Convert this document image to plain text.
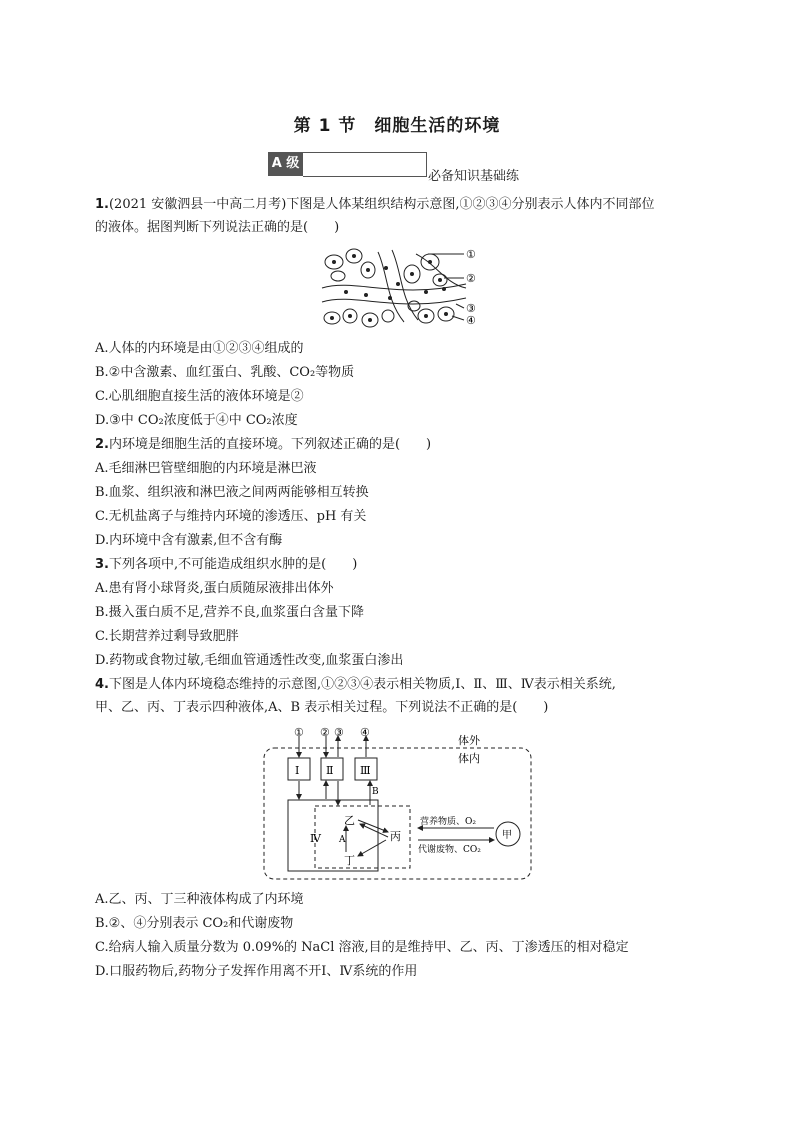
第 1 节　细胞生活的环境
A 级
必备知识基础练
1.(2021 安徽泗县一中高二月考)下图是人体某组织结构示意图,①②③④分别表示人体内不同部位
的液体。据图判断下列说法正确的是(　　)
①
②
③
④
A.人体的内环境是由①②③④组成的
B.②中含激素、血红蛋白、乳酸、CO₂等物质
C.心肌细胞直接生活的液体环境是②
D.③中 CO₂浓度低于④中 CO₂浓度
2.内环境是细胞生活的直接环境。下列叙述正确的是(　　)
A.毛细淋巴管壁细胞的内环境是淋巴液
B.血浆、组织液和淋巴液之间两两能够相互转换
C.无机盐离子与维持内环境的渗透压、pH 有关
D.内环境中含有激素,但不含有酶
3.下列各项中,不可能造成组织水肿的是(　　)
A.患有肾小球肾炎,蛋白质随尿液排出体外
B.摄入蛋白质不足,营养不良,血浆蛋白含量下降
C.长期营养过剩导致肥胖
D.药物或食物过敏,毛细血管通透性改变,血浆蛋白渗出
4.下图是人体内环境稳态维持的示意图,①②③④表示相关物质,Ⅰ、Ⅱ、Ⅲ、Ⅳ表示相关系统,
甲、乙、丙、丁表示四种液体,A、B 表示相关过程。下列说法不正确的是(　　)
① ② ③ ④
体外
体内
Ⅰ Ⅱ Ⅲ
Ⅳ
B
A
乙
丙
丁
甲
营养物质、O₂
代谢废物、CO₂
A.乙、丙、丁三种液体构成了内环境
B.②、④分别表示 CO₂和代谢废物
C.给病人输入质量分数为 0.09%的 NaCl 溶液,目的是维持甲、乙、丙、丁渗透压的相对稳定
D.口服药物后,药物分子发挥作用离不开Ⅰ、Ⅳ系统的作用
